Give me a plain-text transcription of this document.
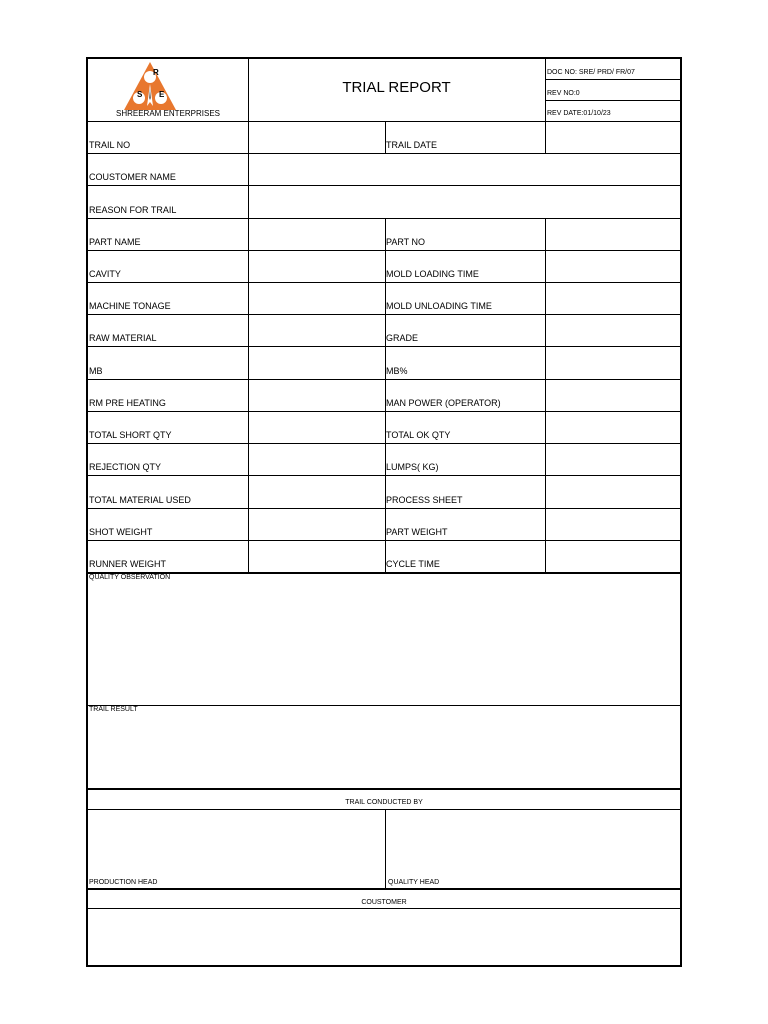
R
S E
SHREERAM ENTERPRISES
TRIAL REPORT
DOC NO: SRE/ PRD/ FR/07
REV NO:0
REV DATE:01/10/23
TRAIL NO	TRAIL DATE
COUSTOMER NAME
REASON FOR TRAIL
PART NAME	PART NO
CAVITY	MOLD LOADING TIME
MACHINE TONAGE	MOLD UNLOADING TIME
RAW MATERIAL	GRADE
MB	MB%
RM PRE HEATING	MAN POWER (OPERATOR)
TOTAL SHORT QTY	TOTAL OK QTY
REJECTION QTY	LUMPS( KG)
TOTAL MATERIAL USED	PROCESS SHEET
SHOT WEIGHT	PART WEIGHT
RUNNER WEIGHT	CYCLE TIME
QUALITY OBSERVATION
TRAIL RESULT
TRAIL CONDUCTED BY
PRODUCTION HEAD	QUALITY HEAD
COUSTOMER
